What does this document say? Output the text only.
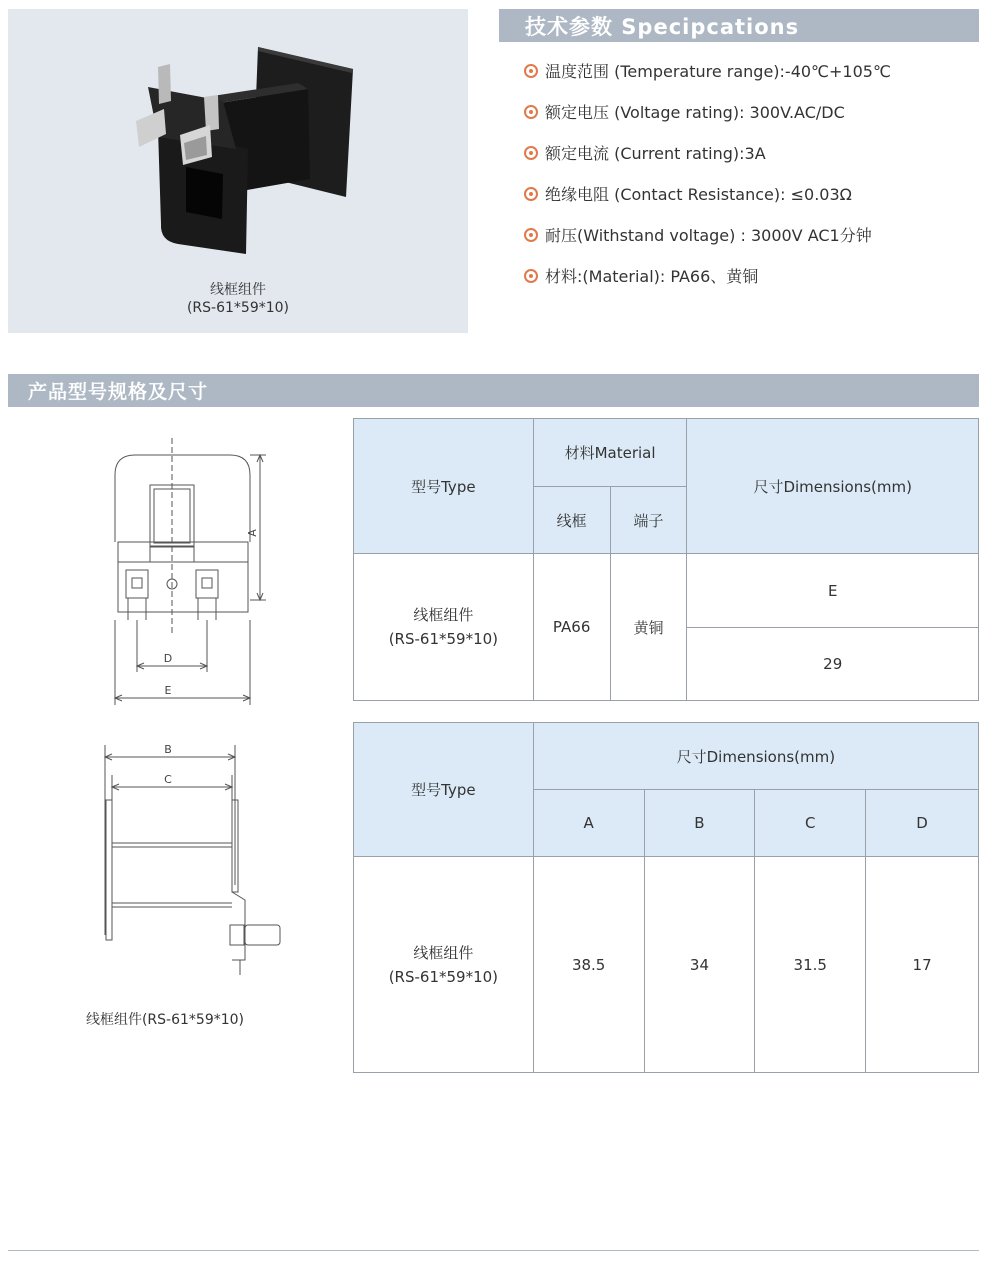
线框组件
(RS-61*59*10)
技术参数 Specipcations
温度范围 (Temperature range):-40℃+105℃
额定电压 (Voltage rating): 300V.AC/DC
额定电流 (Current rating):3A
绝缘电阻 (Contact Resistance): ≤0.03Ω
耐压(Withstand voltage) : 3000V AC1分钟
材料:(Material): PA66、黄铜
产品型号规格及尺寸
A
D
E
B
C
线框组件(RS-61*59*10)
型号Type	材料Material		尺寸Dimensions(mm)
	线框	端子	

线框组件
(RS-61*59*10)	PA66	黄铜	E
			29
型号Type	尺寸Dimensions(mm)			
	A	B	C	D

线框组件
(RS-61*59*10)	38.5	34	31.5	17
